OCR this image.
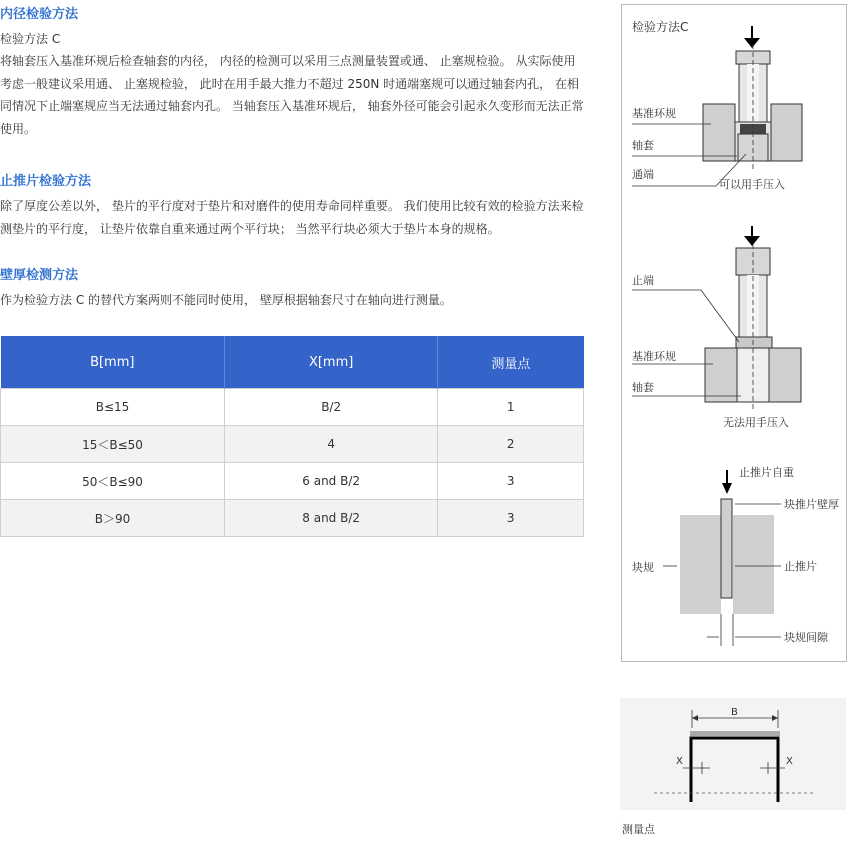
内径检验方法

检验方法 C

将轴套压入基准环规后检查轴套的内径， 内径的检测可以采用三点测量装置或通、 止塞规检验。 从实际使用考虑一般建议采用通、 止塞规检验， 此时在用手最大推力不超过 250N 时通端塞规可以通过轴套内孔， 在相同情况下止端塞规应当无法通过轴套内孔。 当轴套压入基准环规后， 轴套外径可能会引起永久变形而无法正常使用。

止推片检验方法

除了厚度公差以外， 垫片的平行度对于垫片和对磨件的使用寿命同样重要。 我们使用比较有效的检验方法来检测垫片的平行度， 让垫片依靠自重来通过两个平行块； 当然平行块必须大于垫片本身的规格。

壁厚检测方法

作为检验方法 C 的替代方案两则不能同时使用， 壁厚根据轴套尺寸在轴向进行测量。

B[mm]	X[mm]	测量点
B≤15	B/2	1
15＜B≤50	4	2
50＜B≤90	6 and B/2	3
B＞90	8 and B/2	3
检验方法C
基准环规
轴套
通端
可以用手压入
止端
基准环规
轴套
无法用手压入
止推片自重
块推片壁厚
块规	止推片
块规间隙
B
X	X
测量点
